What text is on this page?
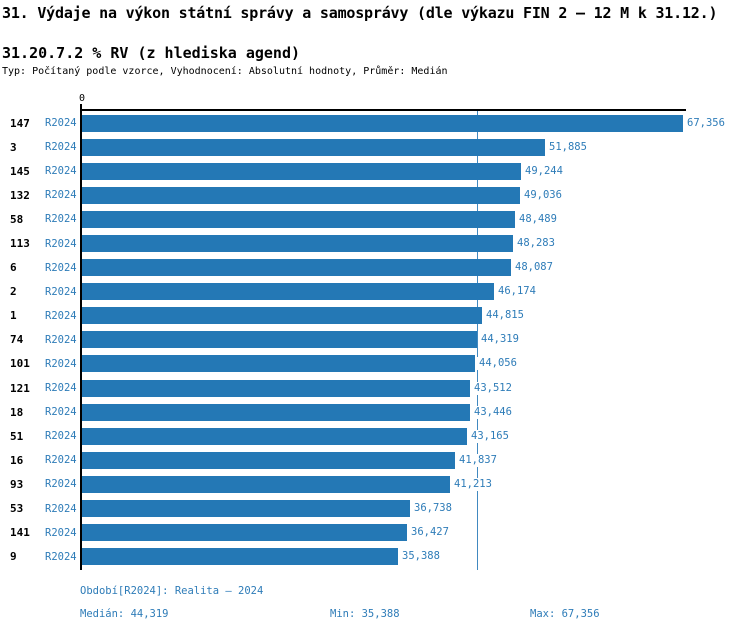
31. Výdaje na výkon státní správy a samosprávy (dle výkazu FIN 2 – 12 M k 31.12.)
31.20.7.2 % RV (z hlediska agend)
Typ: Počítaný podle vzorce, Vyhodnocení: Absolutní hodnoty, Průměr: Medián
0
147 R2024	67,356
3	R2024	51,885
145 R2024	49,244
132 R2024	49,036
58 R2024	48,489
113 R2024	48,283
6	R2024	48,087
2	R2024	46,174
1	R2024	44,815
74 R2024	44,319
101 R2024	44,056
121 R2024	43,512
18 R2024	43,446
51 R2024	43,165
16 R2024	41,837
93 R2024	41,213
53 R2024	36,738
141 R2024	36,427
9	R2024	35,388
Období[R2024]: Realita – 2024
Medián: 44,319	Min: 35,388	Max: 67,356
